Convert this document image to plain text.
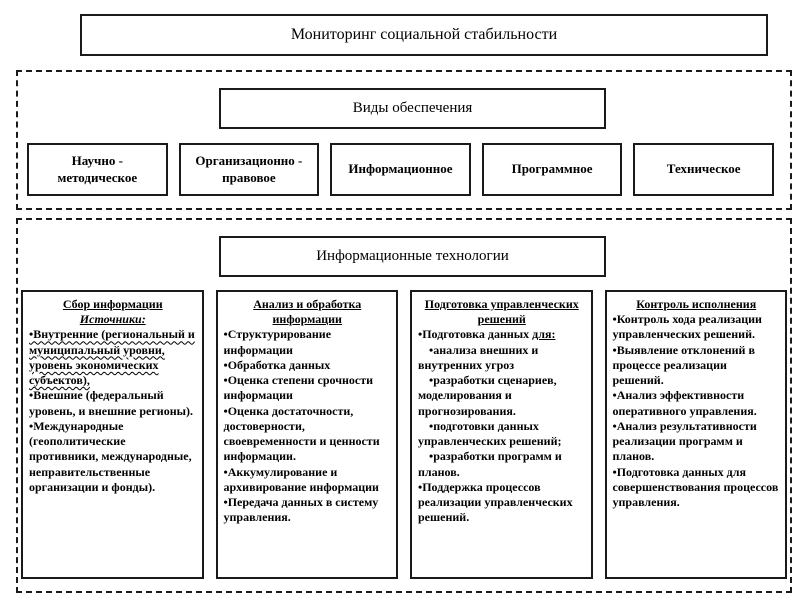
Мониторинг социальной стабильности
Виды обеспечения
Научно - методическое
Организационно - правовое
Информационное	Программное	Техническое
Информационные технологии
Сбор информации
Источники:
•Внутренние (региональный и муниципальный уровни, уровень экономических субъектов),
•Внешние (федеральный уровень, и внешние регионы).
•Международные (геополитические противники, международные, неправительственные организации и фонды).
Анализ и обработка информации
•Структурирование информации
•Обработка данных
•Оценка степени срочности информации
•Оценка достаточности, достоверности, своевременности и ценности информации.
•Аккумулирование и архивирование информации
•Передача данных в систему управления.
Подготовка управленческих решений
•Подготовка данных для:
•анализа внешних и внутренних угроз
•разработки сценариев, моделирования и прогнозирования.
•подготовки данных управленческих решений;
•разработки программ и планов.
•Поддержка процессов реализации управленческих решений.
Контроль исполнения
•Контроль хода реализации управленческих решений.
•Выявление отклонений в процессе реализации решений.
•Анализ эффективности оперативного управления.
•Анализ результативности реализации программ и планов.
•Подготовка данных для совершенствования процессов управления.
